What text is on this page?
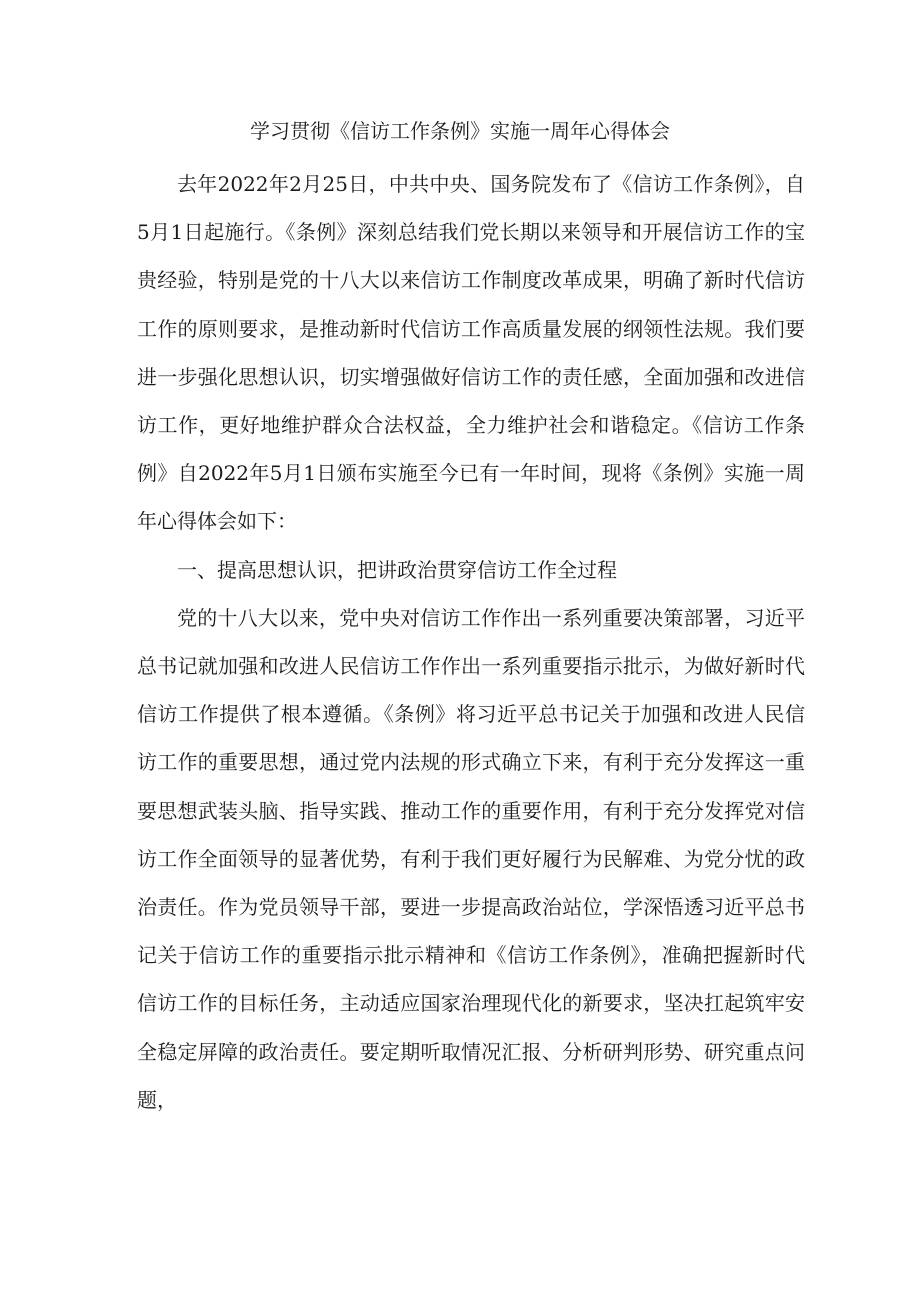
学习贯彻《信访工作条例》实施一周年心得体会

去年2022年2月25日，中共中央、国务院发布了《信访工作条例》，自5月1日起施行。《条例》深刻总结我们党长期以来领导和开展信访工作的宝贵经验，特别是党的十八大以来信访工作制度改革成果，明确了新时代信访工作的原则要求，是推动新时代信访工作高质量发展的纲领性法规。我们要进一步强化思想认识，切实增强做好信访工作的责任感，全面加强和改进信访工作，更好地维护群众合法权益，全力维护社会和谐稳定。《信访工作条例》自2022年5月1日颁布实施至今已有一年时间，现将《条例》实施一周年心得体会如下：

一、提高思想认识，把讲政治贯穿信访工作全过程

党的十八大以来，党中央对信访工作作出一系列重要决策部署，习近平总书记就加强和改进人民信访工作作出一系列重要指示批示，为做好新时代信访工作提供了根本遵循。《条例》将习近平总书记关于加强和改进人民信访工作的重要思想，通过党内法规的形式确立下来，有利于充分发挥这一重要思想武装头脑、指导实践、推动工作的重要作用，有利于充分发挥党对信访工作全面领导的显著优势，有利于我们更好履行为民解难、为党分忧的政治责任。作为党员领导干部，要进一步提高政治站位，学深悟透习近平总书记关于信访工作的重要指示批示精神和《信访工作条例》，准确把握新时代信访工作的目标任务，主动适应国家治理现代化的新要求，坚决扛起筑牢安全稳定屏障的政治责任。要定期听取情况汇报、分析研判形势、研究重点问题，
